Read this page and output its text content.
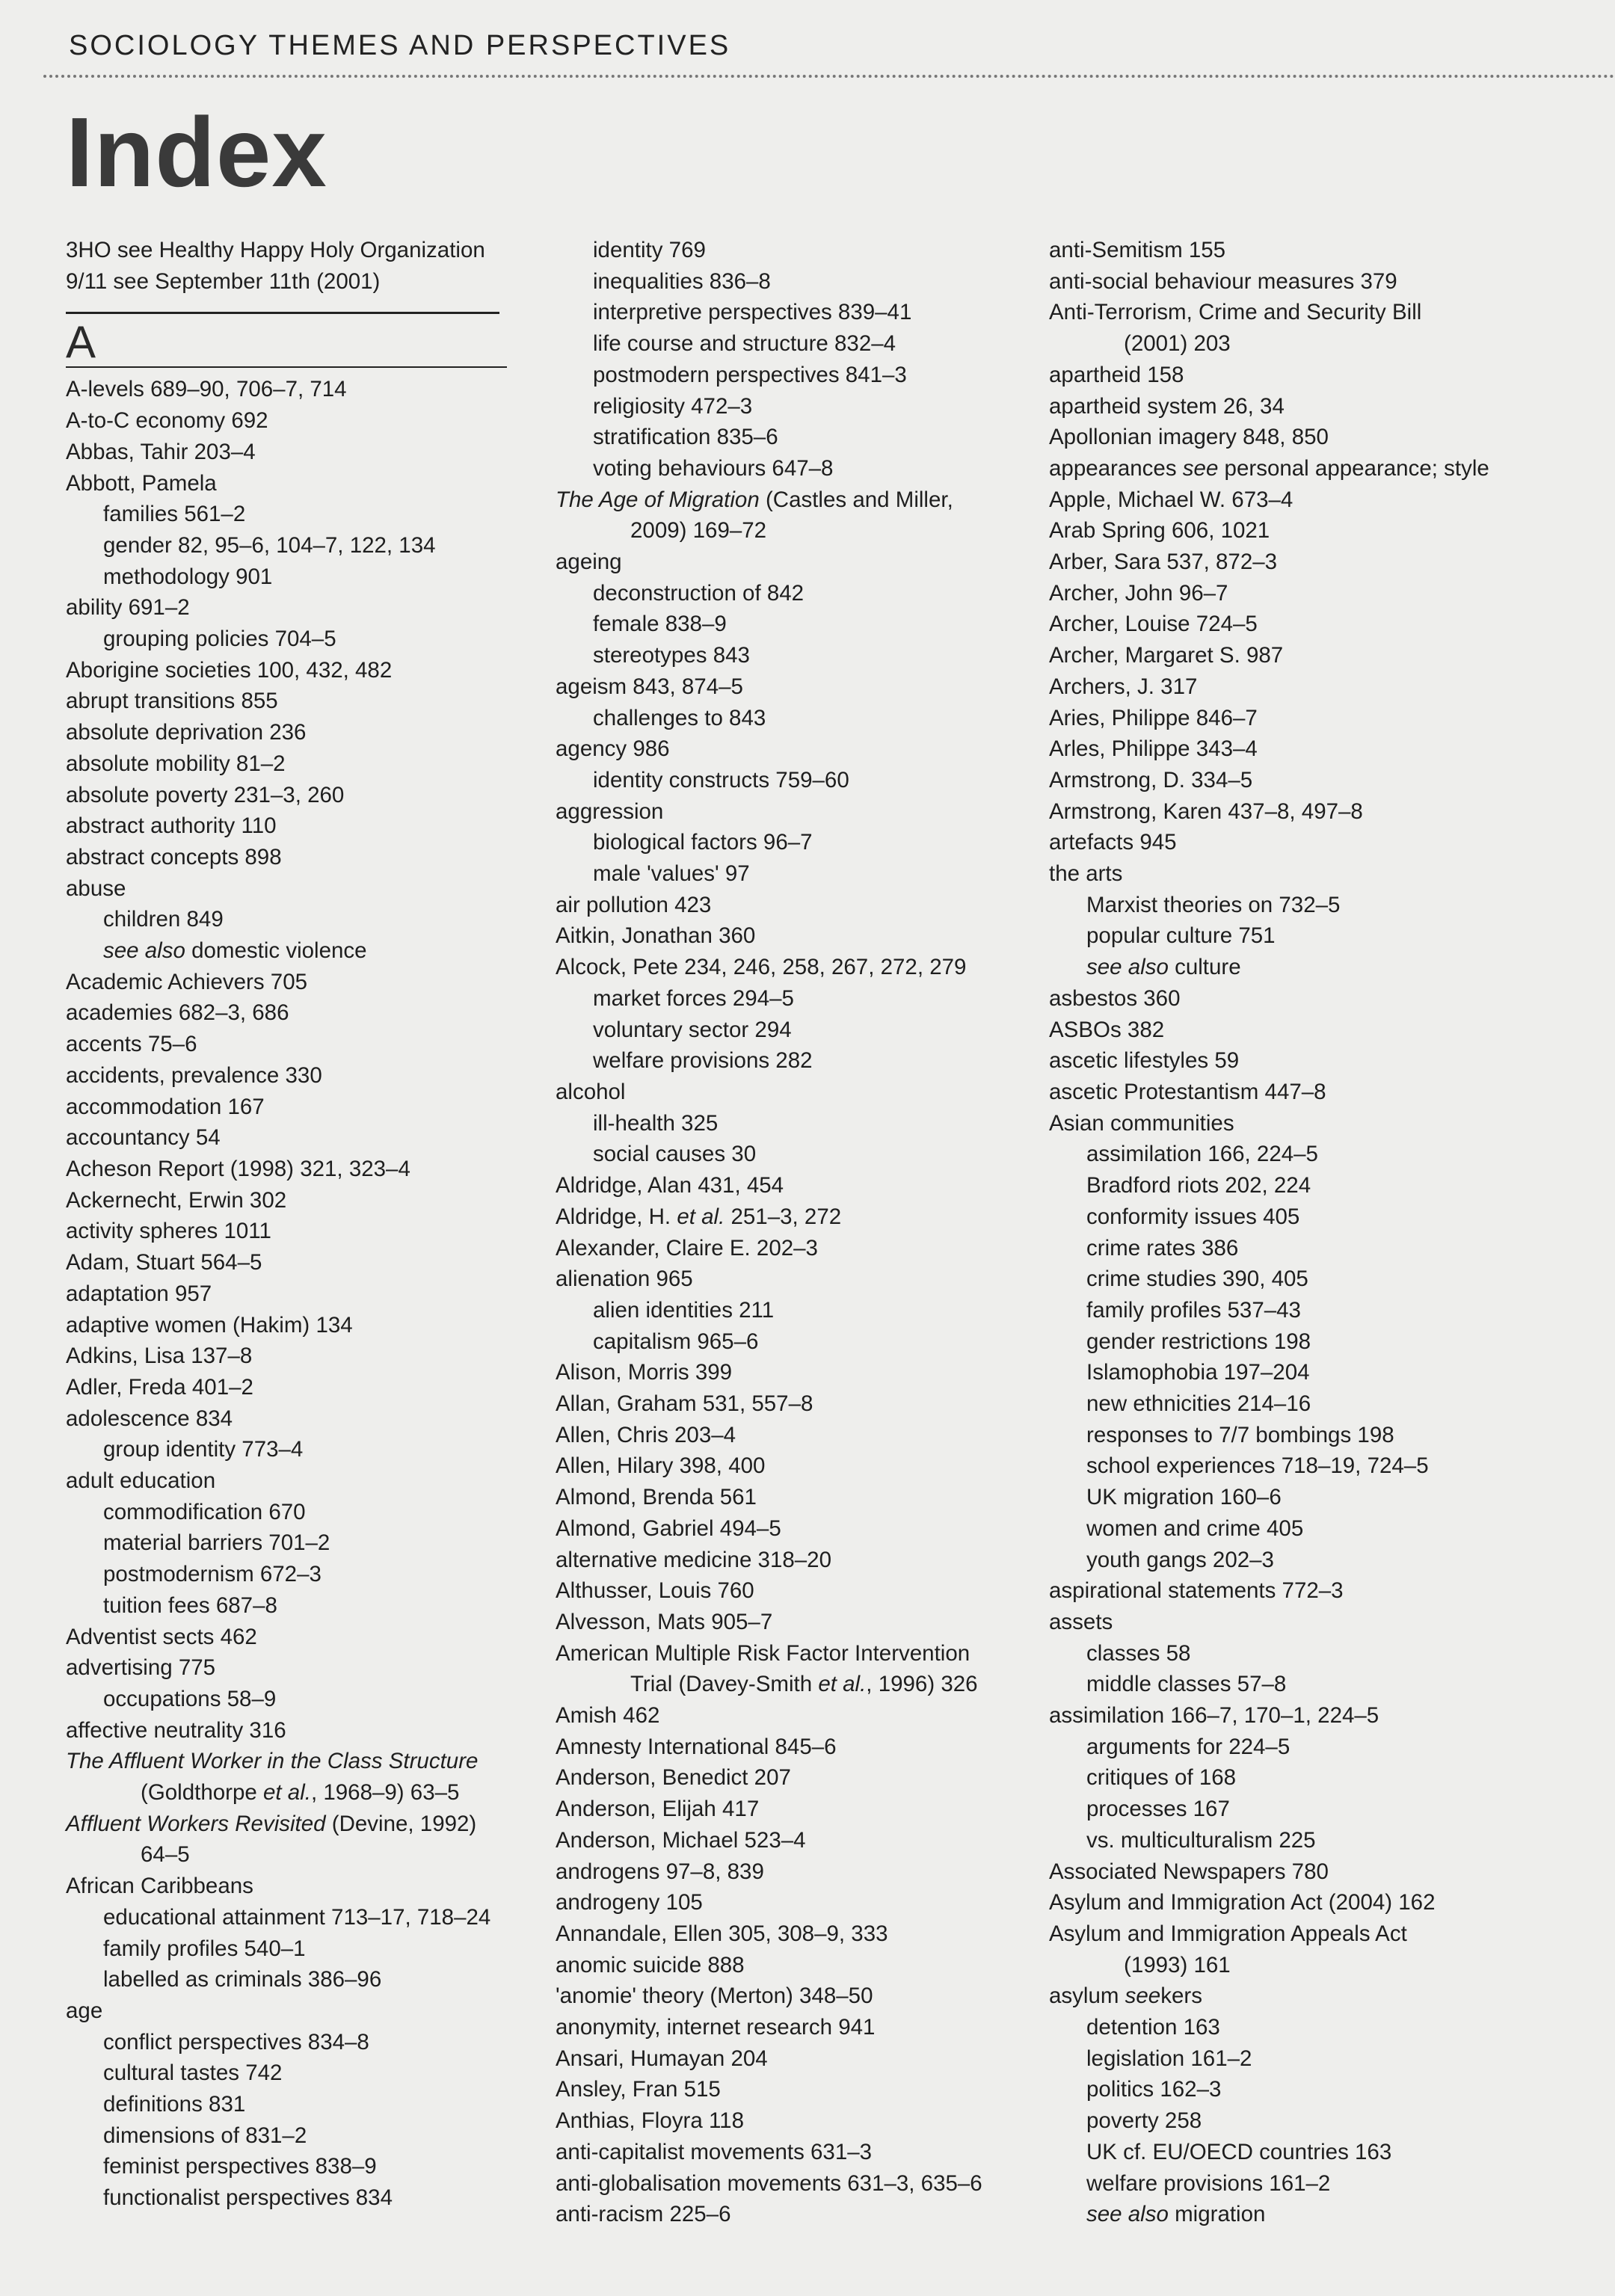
SOCIOLOGY THEMES AND PERSPECTIVES
Index
3HO see Healthy Happy Holy Organization
9/11 see September 11th (2001)
A
A-levels 689–90, 706–7, 714
A-to-C economy 692
Abbas, Tahir 203–4
Abbott, Pamela
families 561–2
gender 82, 95–6, 104–7, 122, 134
methodology 901
ability 691–2
grouping policies 704–5
Aborigine societies 100, 432, 482
abrupt transitions 855
absolute deprivation 236
absolute mobility 81–2
absolute poverty 231–3, 260
abstract authority 110
abstract concepts 898
abuse
children 849
see also domestic violence
Academic Achievers 705
academies 682–3, 686
accents 75–6
accidents, prevalence 330
accommodation 167
accountancy 54
Acheson Report (1998) 321, 323–4
Ackernecht, Erwin 302
activity spheres 1011
Adam, Stuart 564–5
adaptation 957
adaptive women (Hakim) 134
Adkins, Lisa 137–8
Adler, Freda 401–2
adolescence 834
group identity 773–4
adult education
commodification 670
material barriers 701–2
postmodernism 672–3
tuition fees 687–8
Adventist sects 462
advertising 775
occupations 58–9
affective neutrality 316
The Affluent Worker in the Class Structure
(Goldthorpe et al., 1968–9) 63–5
Affluent Workers Revisited (Devine, 1992)
64–5
African Caribbeans
educational attainment 713–17, 718–24
family profiles 540–1
labelled as criminals 386–96
age
conflict perspectives 834–8
cultural tastes 742
definitions 831
dimensions of 831–2
feminist perspectives 838–9
functionalist perspectives 834
identity 769
inequalities 836–8
interpretive perspectives 839–41
life course and structure 832–4
postmodern perspectives 841–3
religiosity 472–3
stratification 835–6
voting behaviours 647–8
The Age of Migration (Castles and Miller,
2009) 169–72
ageing
deconstruction of 842
female 838–9
stereotypes 843
ageism 843, 874–5
challenges to 843
agency 986
identity constructs 759–60
aggression
biological factors 96–7
male 'values' 97
air pollution 423
Aitkin, Jonathan 360
Alcock, Pete 234, 246, 258, 267, 272, 279
market forces 294–5
voluntary sector 294
welfare provisions 282
alcohol
ill-health 325
social causes 30
Aldridge, Alan 431, 454
Aldridge, H. et al. 251–3, 272
Alexander, Claire E. 202–3
alienation 965
alien identities 211
capitalism 965–6
Alison, Morris 399
Allan, Graham 531, 557–8
Allen, Chris 203–4
Allen, Hilary 398, 400
Almond, Brenda 561
Almond, Gabriel 494–5
alternative medicine 318–20
Althusser, Louis 760
Alvesson, Mats 905–7
American Multiple Risk Factor Intervention
Trial (Davey-Smith et al., 1996) 326
Amish 462
Amnesty International 845–6
Anderson, Benedict 207
Anderson, Elijah 417
Anderson, Michael 523–4
androgens 97–8, 839
androgeny 105
Annandale, Ellen 305, 308–9, 333
anomic suicide 888
'anomie' theory (Merton) 348–50
anonymity, internet research 941
Ansari, Humayan 204
Ansley, Fran 515
Anthias, Floyra 118
anti-capitalist movements 631–3
anti-globalisation movements 631–3, 635–6
anti-racism 225–6
anti-Semitism 155
anti-social behaviour measures 379
Anti-Terrorism, Crime and Security Bill
(2001) 203
apartheid 158
apartheid system 26, 34
Apollonian imagery 848, 850
appearances see personal appearance; style
Apple, Michael W. 673–4
Arab Spring 606, 1021
Arber, Sara 537, 872–3
Archer, John 96–7
Archer, Louise 724–5
Archer, Margaret S. 987
Archers, J. 317
Aries, Philippe 846–7
Arles, Philippe 343–4
Armstrong, D. 334–5
Armstrong, Karen 437–8, 497–8
artefacts 945
the arts
Marxist theories on 732–5
popular culture 751
see also culture
asbestos 360
ASBOs 382
ascetic lifestyles 59
ascetic Protestantism 447–8
Asian communities
assimilation 166, 224–5
Bradford riots 202, 224
conformity issues 405
crime rates 386
crime studies 390, 405
family profiles 537–43
gender restrictions 198
Islamophobia 197–204
new ethnicities 214–16
responses to 7/7 bombings 198
school experiences 718–19, 724–5
UK migration 160–6
women and crime 405
youth gangs 202–3
aspirational statements 772–3
assets
classes 58
middle classes 57–8
assimilation 166–7, 170–1, 224–5
arguments for 224–5
critiques of 168
processes 167
vs. multiculturalism 225
Associated Newspapers 780
Asylum and Immigration Act (2004) 162
Asylum and Immigration Appeals Act
(1993) 161
asylum seekers
detention 163
legislation 161–2
politics 162–3
poverty 258
UK cf. EU/OECD countries 163
welfare provisions 161–2
see also migration
